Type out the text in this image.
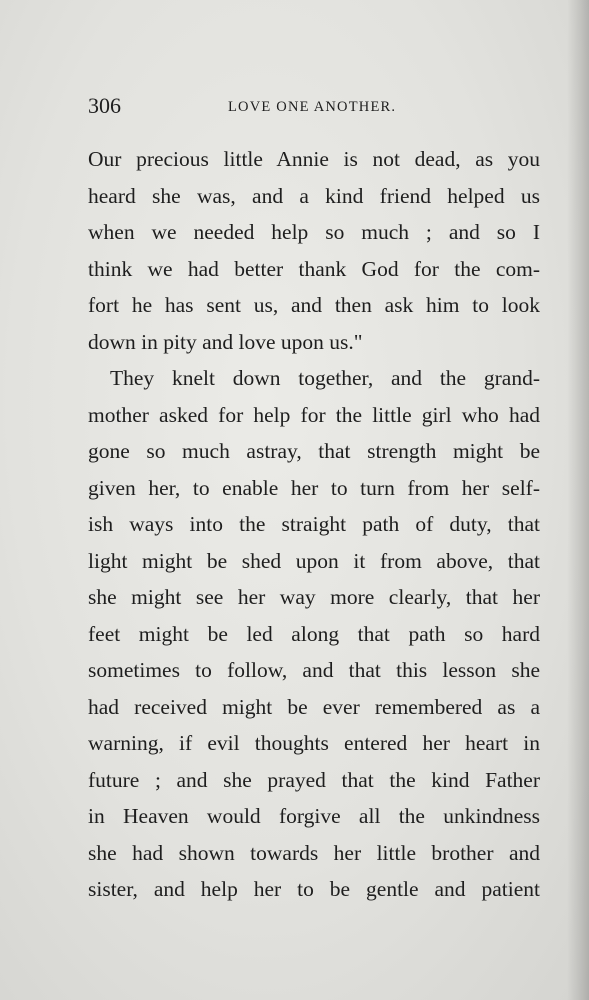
306	LOVE ONE ANOTHER.
Our precious little Annie is not dead, as you
heard she was, and a kind friend helped us
when we needed help so much ; and so I
think we had better thank God for the com-
fort he has sent us, and then ask him to look
down in pity and love upon us."
They knelt down together, and the grand-
mother asked for help for the little girl who had
gone so much astray, that strength might be
given her, to enable her to turn from her self-
ish ways into the straight path of duty, that
light might be shed upon it from above, that
she might see her way more clearly, that her
feet might be led along that path so hard
sometimes to follow, and that this lesson she
had received might be ever remembered as a
warning, if evil thoughts entered her heart in
future ; and she prayed that the kind Father
in Heaven would forgive all the unkindness
she had shown towards her little brother and
sister, and help her to be gentle and patient
